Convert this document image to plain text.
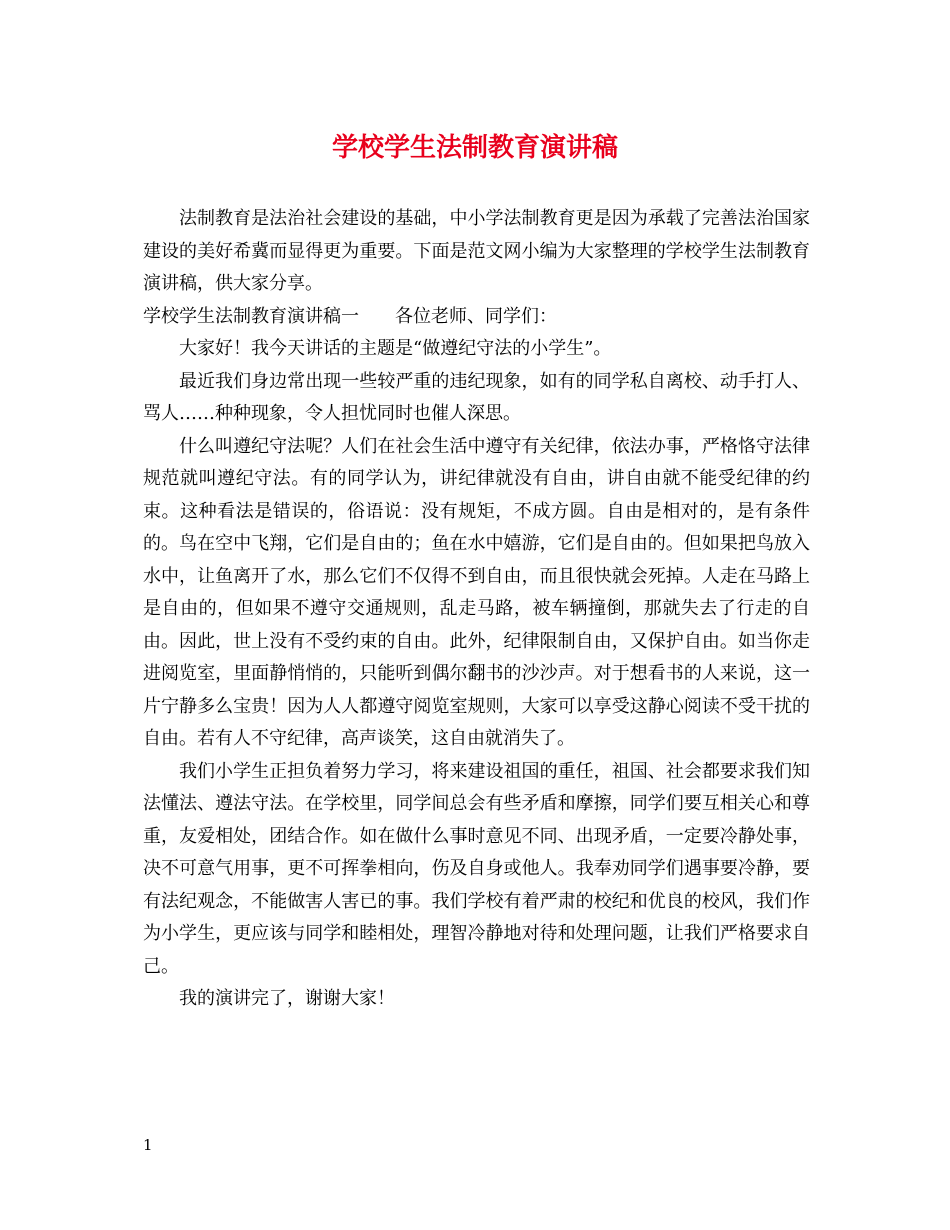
学校学生法制教育演讲稿

法制教育是法治社会建设的基础，中小学法制教育更是因为承载了完善法治国家建设的美好希冀而显得更为重要。下面是范文网小编为大家整理的学校学生法制教育演讲稿，供大家分享。

学校学生法制教育演讲稿一　　各位老师、同学们：

大家好！我今天讲话的主题是“做遵纪守法的小学生”。

最近我们身边常出现一些较严重的违纪现象，如有的同学私自离校、动手打人、骂人……种种现象，令人担忧同时也催人深思。

什么叫遵纪守法呢？人们在社会生活中遵守有关纪律，依法办事，严格恪守法律规范就叫遵纪守法。有的同学认为，讲纪律就没有自由，讲自由就不能受纪律的约束。这种看法是错误的，俗语说：没有规矩，不成方圆。自由是相对的，是有条件的。鸟在空中飞翔，它们是自由的；鱼在水中嬉游，它们是自由的。但如果把鸟放入水中，让鱼离开了水，那么它们不仅得不到自由，而且很快就会死掉。人走在马路上是自由的，但如果不遵守交通规则，乱走马路，被车辆撞倒，那就失去了行走的自由。因此，世上没有不受约束的自由。此外，纪律限制自由，又保护自由。如当你走进阅览室，里面静悄悄的，只能听到偶尔翻书的沙沙声。对于想看书的人来说，这一片宁静多么宝贵！因为人人都遵守阅览室规则，大家可以享受这静心阅读不受干扰的自由。若有人不守纪律，高声谈笑，这自由就消失了。

我们小学生正担负着努力学习，将来建设祖国的重任，祖国、社会都要求我们知法懂法、遵法守法。在学校里，同学间总会有些矛盾和摩擦，同学们要互相关心和尊重，友爱相处，团结合作。如在做什么事时意见不同、出现矛盾，一定要冷静处事，决不可意气用事，更不可挥拳相向，伤及自身或他人。我奉劝同学们遇事要冷静，要有法纪观念，不能做害人害已的事。我们学校有着严肃的校纪和优良的校风，我们作为小学生，更应该与同学和睦相处，理智冷静地对待和处理问题，让我们严格要求自己。

我的演讲完了，谢谢大家！

1
